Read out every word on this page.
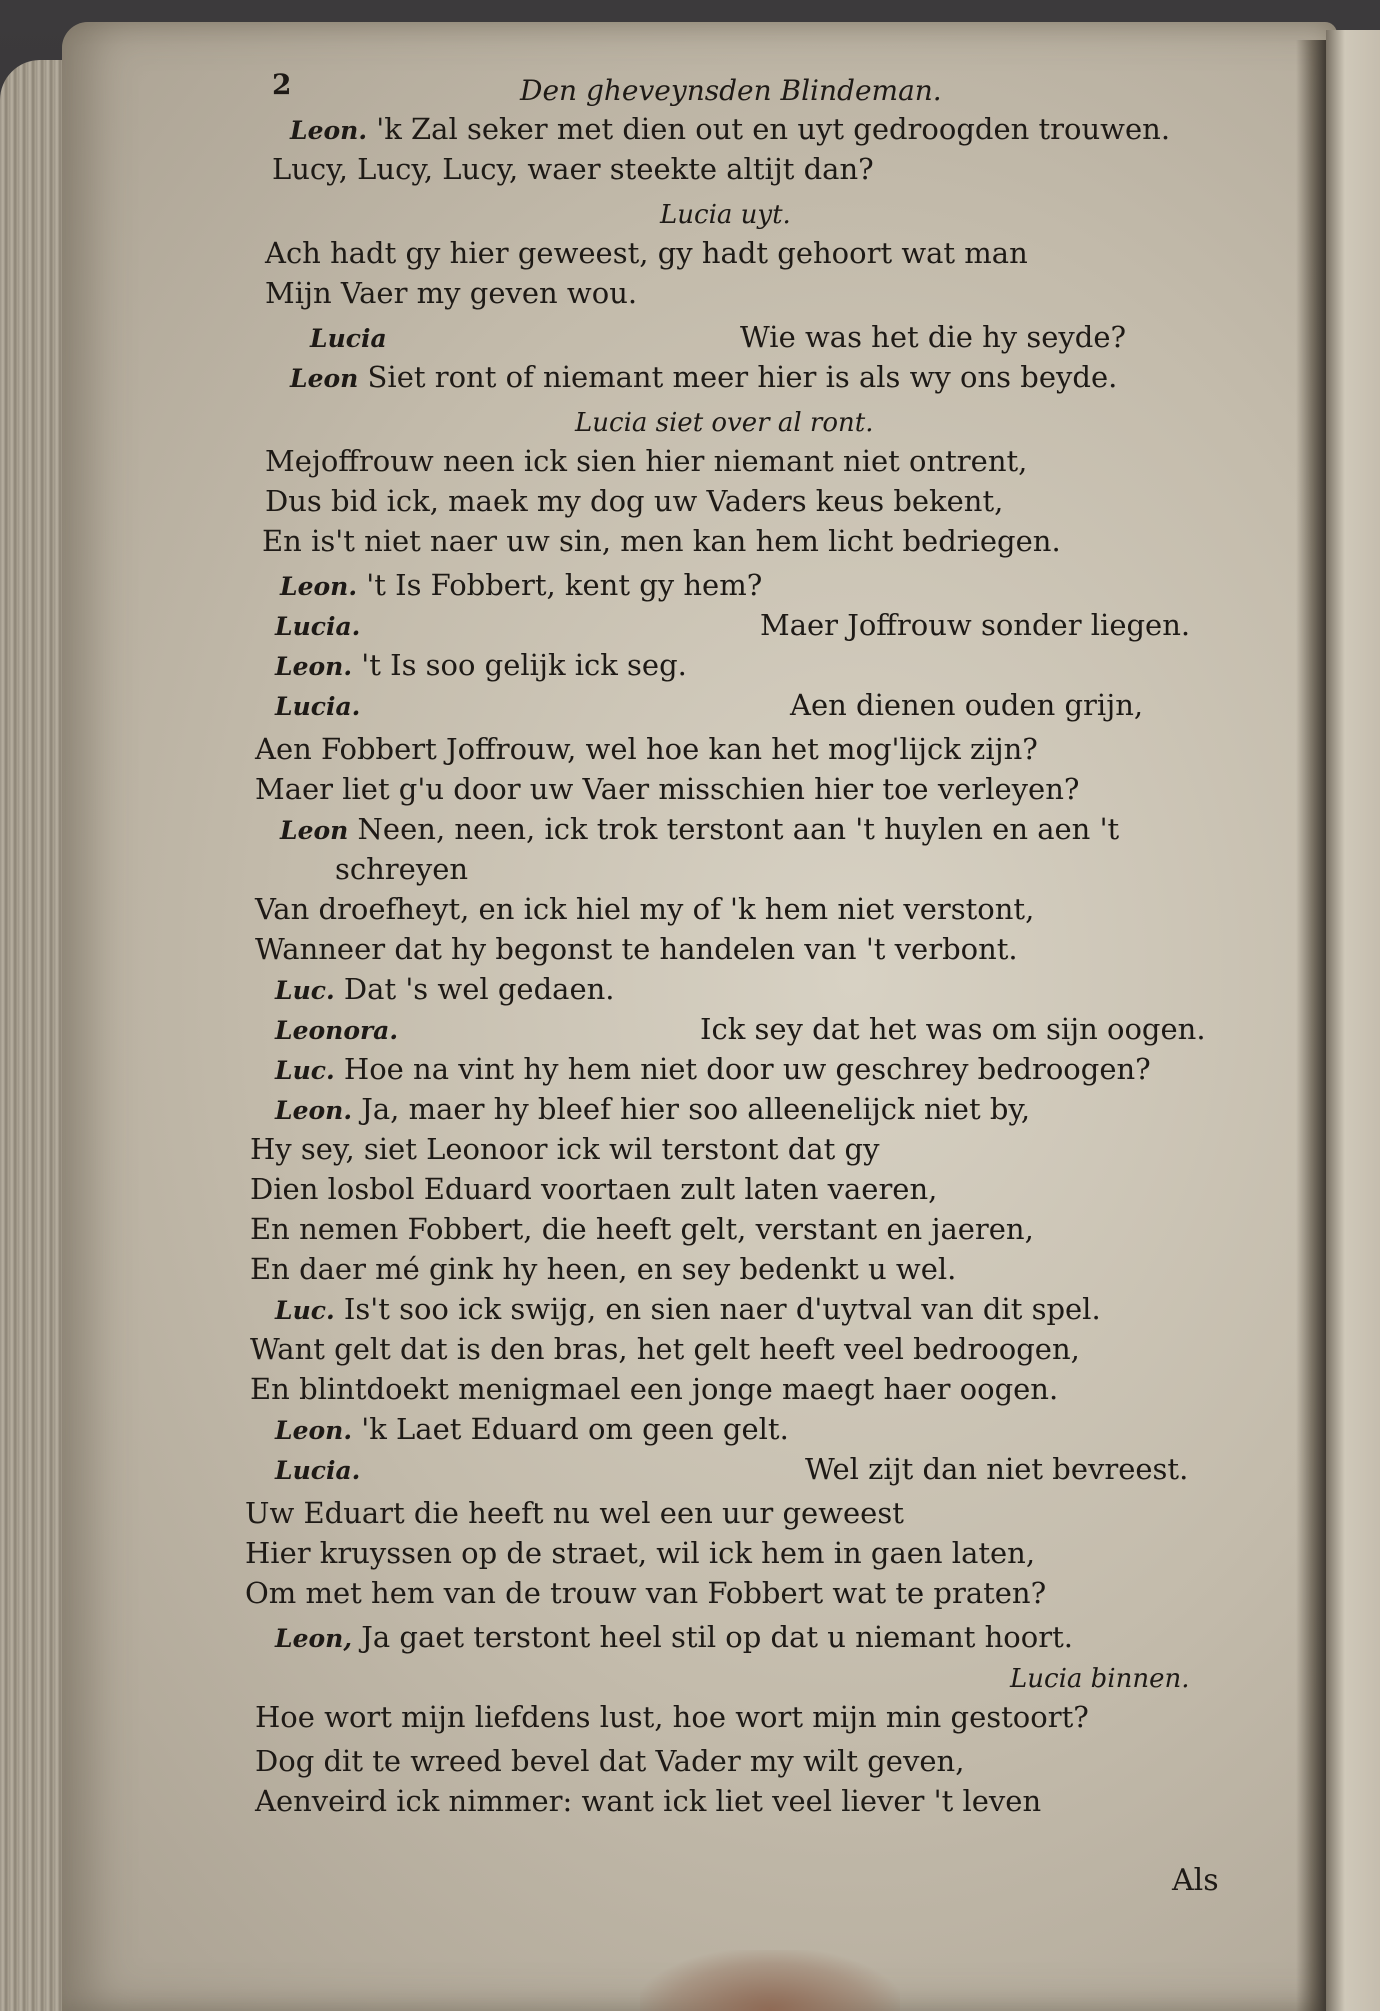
2	Den gheveynsden Blindeman.
Leon. 'k Zal seker met dien out en uyt gedroogden trouwen.
Lucy, Lucy, Lucy, waer steekte altijt dan?
Lucia uyt.
Ach hadt gy hier geweest, gy hadt gehoort wat man
Mijn Vaer my geven wou.
Lucia	Wie was het die hy seyde?
Leon Siet ront of niemant meer hier is als wy ons beyde.
Lucia siet over al ront.
Mejoffrouw neen ick sien hier niemant niet ontrent,
Dus bid ick, maek my dog uw Vaders keus bekent,
En is't niet naer uw sin, men kan hem licht bedriegen.
Leon. 't Is Fobbert, kent gy hem?
Lucia.	Maer Joffrouw sonder liegen.
Leon. 't Is soo gelijk ick seg.
Lucia.	Aen dienen ouden grijn,
Aen Fobbert Joffrouw, wel hoe kan het mog'lijck zijn?
Maer liet g'u door uw Vaer misschien hier toe verleyen?
Leon Neen, neen, ick trok terstont aan 't huylen en aen 't
schreyen
Van droefheyt, en ick hiel my of 'k hem niet verstont,
Wanneer dat hy begonst te handelen van 't verbont.
Luc. Dat 's wel gedaen.
Leonora.	Ick sey dat het was om sijn oogen.
Luc. Hoe na vint hy hem niet door uw geschrey bedroogen?
Leon. Ja, maer hy bleef hier soo alleenelijck niet by,
Hy sey, siet Leonoor ick wil terstont dat gy
Dien losbol Eduard voortaen zult laten vaeren,
En nemen Fobbert, die heeft gelt, verstant en jaeren,
En daer mé gink hy heen, en sey bedenkt u wel.
Luc. Is't soo ick swijg, en sien naer d'uytval van dit spel.
Want gelt dat is den bras, het gelt heeft veel bedroogen,
En blintdoekt menigmael een jonge maegt haer oogen.
Leon. 'k Laet Eduard om geen gelt.
Lucia.	Wel zijt dan niet bevreest.
Uw Eduart die heeft nu wel een uur geweest
Hier kruyssen op de straet, wil ick hem in gaen laten,
Om met hem van de trouw van Fobbert wat te praten?
Leon, Ja gaet terstont heel stil op dat u niemant hoort.
Lucia binnen.
Hoe wort mijn liefdens lust, hoe wort mijn min gestoort?
Dog dit te wreed bevel dat Vader my wilt geven,
Aenveird ick nimmer: want ick liet veel liever 't leven
Als
